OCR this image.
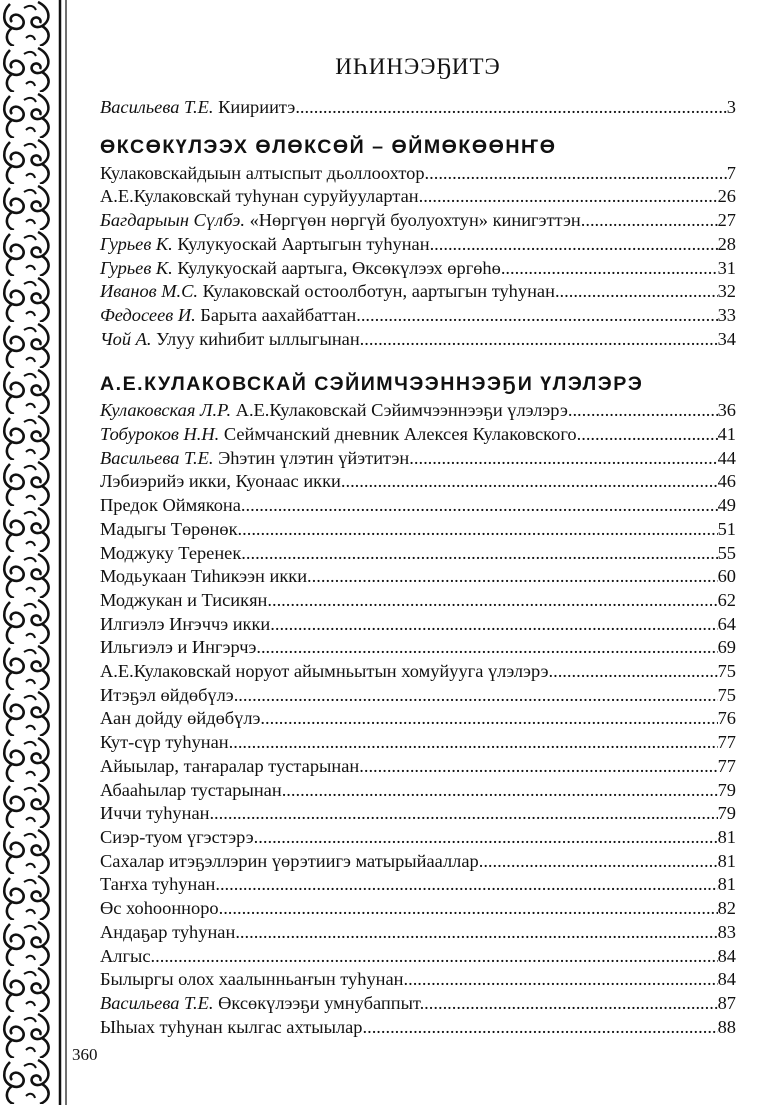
ИҺИНЭЭҔИТЭ
Васильева Т.Е. Киириитэ .....	3
ӨКСӨКҮЛЭЭХ ӨЛӨКСӨЙ – ӨЙМӨКӨӨНҤӨ
Кулаковскайдыын алтыспыт дьоллоохтор... .....	7
А.Е.Кулаковскай туһунан суруйуулартан .....	26
Багдарыын Сүлбэ. «Нөргүөн нөргүй буолуохтун» кинигэттэн .....	27
Гурьев К. Кулукуоскай Аартыгын туһунан .....	28
Гурьев К. Кулукуоскай аартыга, Өксөкүлээх өргөһө .....	31
Иванов М.С. Кулаковскай остоолботун, аартыгын туһунан .....	32
Федосеев И. Барыта аахайбаттан .....	33
Чой А. Улуу киһибит ыллыгынан .....	34
А.Е.КУЛАКОВСКАЙ СЭЙИМЧЭЭННЭЭҔИ ҮЛЭЛЭРЭ
Кулаковская Л.Р. А.Е.Кулаковскай Сэйимчээннээҕи үлэлэрэ .....	36
Тобуроков Н.Н. Сеймчанский дневник Алексея Кулаковского .....	41
Васильева Т.Е. Эһэтин үлэтин үйэтитэн .....	44
Лэбиэрийэ икки, Куонаас икки .....	46
Предок Оймякона .....	49
Мадыгы Төрөнөк .....	51
Моджуку Теренек .....	55
Модьукаан Тиһикээн икки .....	60
Моджукан и Тисикян .....	62
Илгиэлэ Иҥэччэ икки .....	64
Ильгиэлэ и Ингэрчэ .....	69
А.Е.Кулаковскай норуот айымньытын хомуйууга үлэлэрэ .....	75
Итэҕэл өйдөбүлэ .....	75
Аан дойду өйдөбүлэ .....	76
Кут-сүр туһунан .....	77
Айыылар, таҥаралар тустарынан .....	77
Абааһылар тустарынан .....	79
Иччи туһунан .....	79
Сиэр-туом үгэстэрэ .....	81
Сахалар итэҕэллэрин үөрэтиигэ матырыйааллар .....	81
Таҥха туһунан .....	81
Өс хоһоонноро .....	82
Андаҕар туһунан .....	83
Алгыс .....	84
Былыргы олох хаалынньаҥын туһунан .....	84
Васильева Т.Е. Өксөкүлээҕи умнубаппыт... .....	87
Ыһыах туһунан кылгас ахтыылар .....	88
360
